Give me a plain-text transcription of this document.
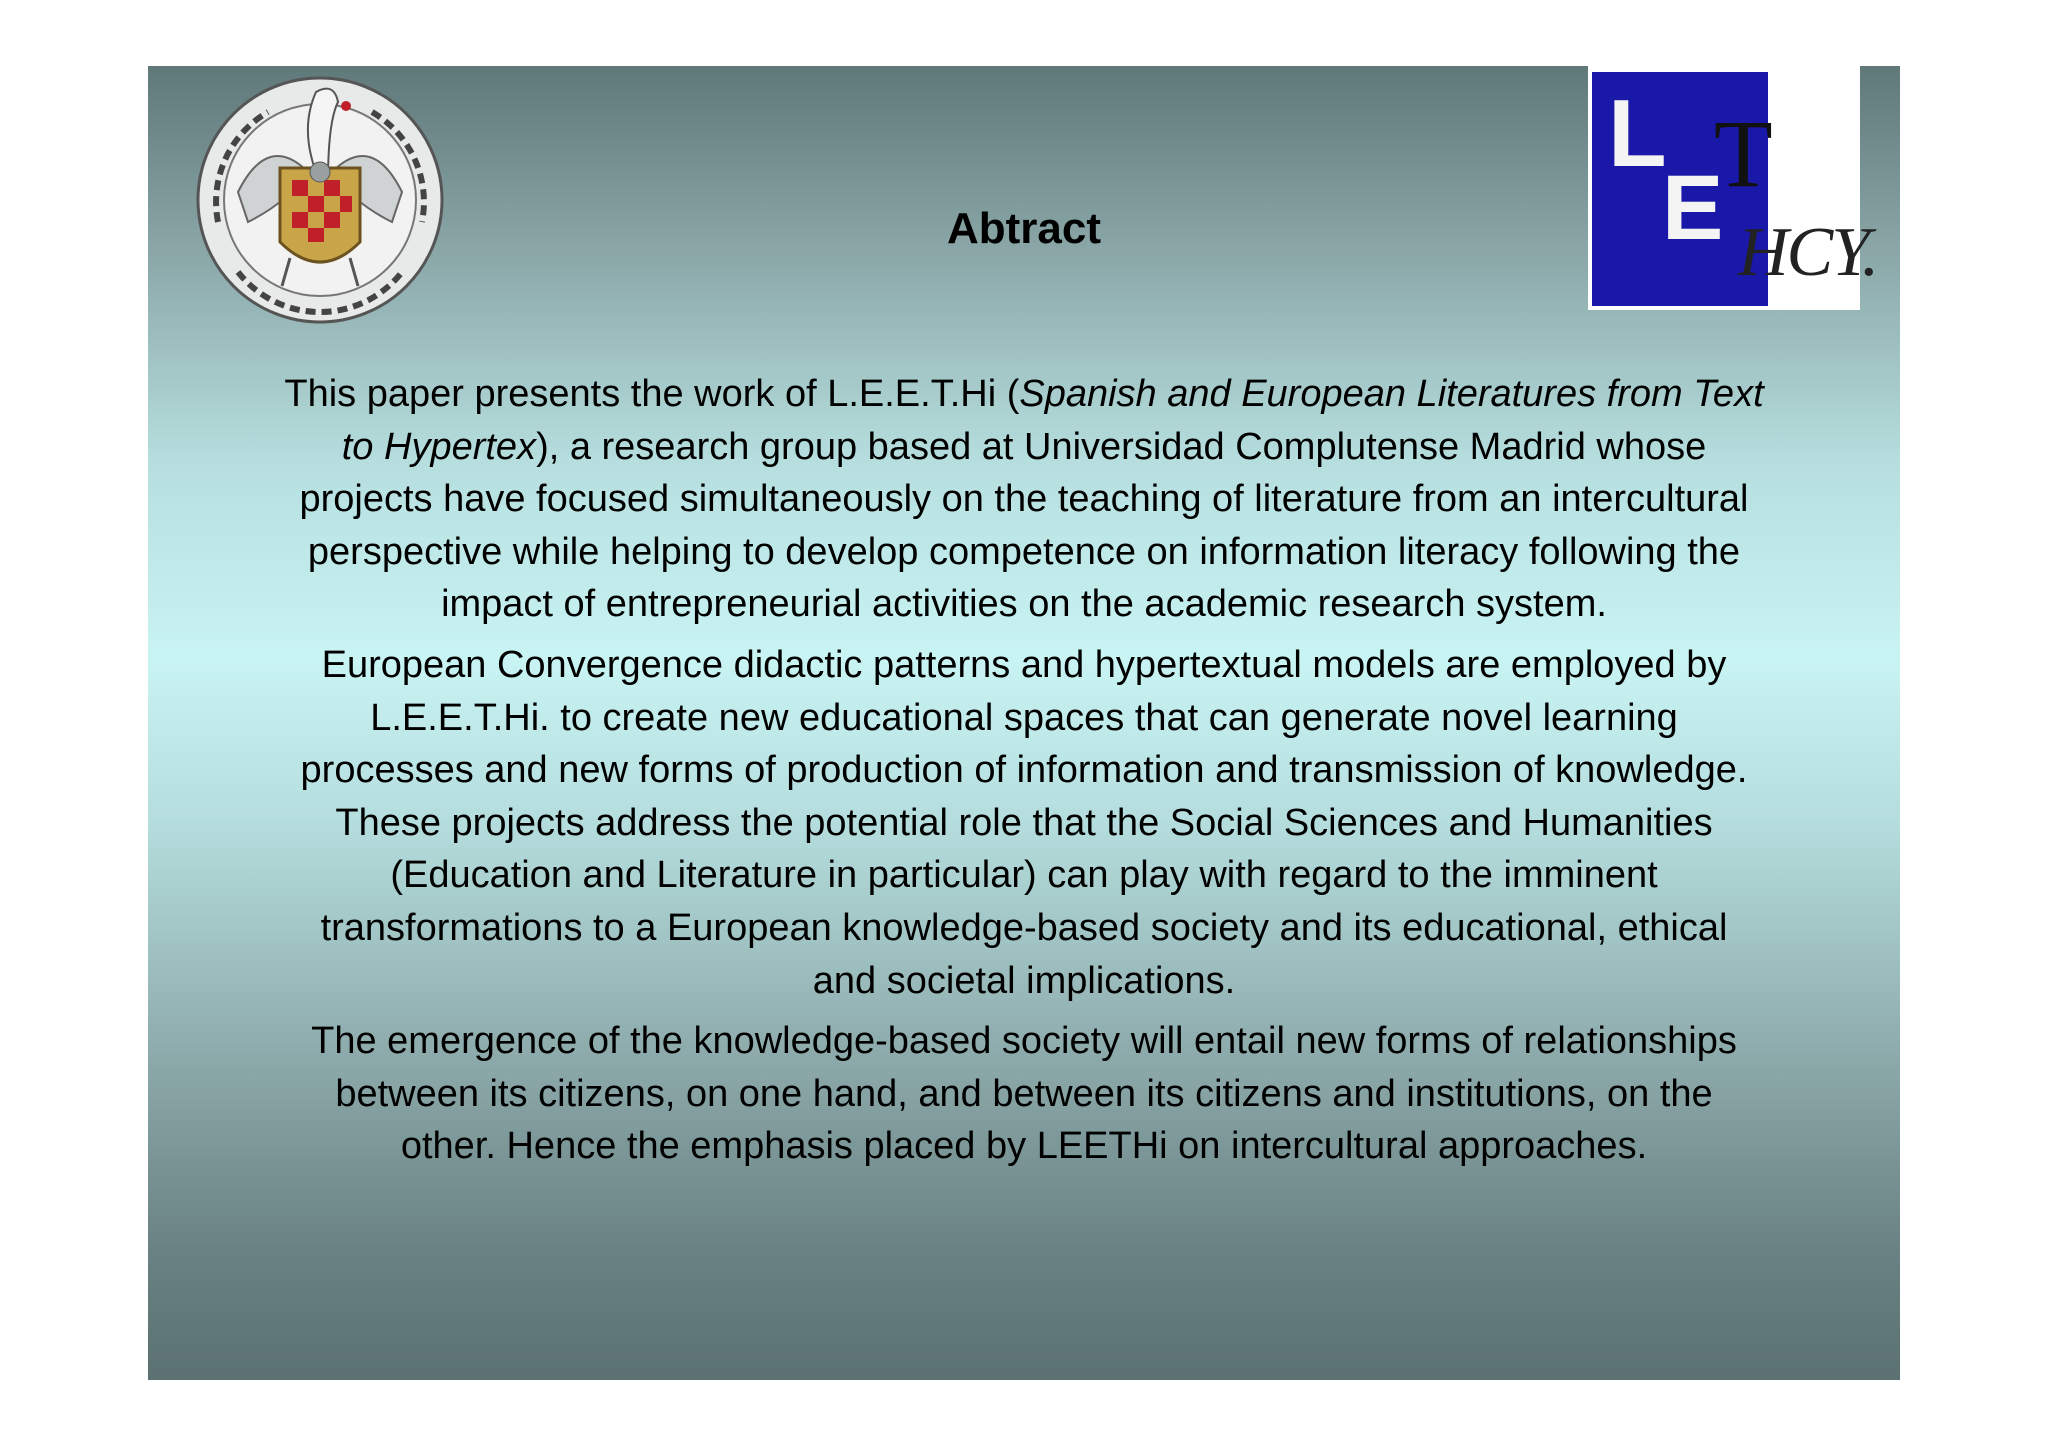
L
E
T
HCY.
Abtract
This paper presents the work of L.E.E.T.Hi (Spanish and European Literatures from Text
to Hypertex), a research group based at Universidad Complutense Madrid whose
projects have focused simultaneously on the teaching of literature from an intercultural
perspective while helping to develop competence on information literacy following the
impact of entrepreneurial activities on the academic research system.
European Convergence didactic patterns and hypertextual models are employed by
L.E.E.T.Hi. to create new educational spaces that can generate novel learning
processes and new forms of production of information and transmission of knowledge.
These projects address the potential role that the Social Sciences and Humanities
(Education and Literature in particular) can play with regard to the imminent
transformations to a European knowledge-based society and its educational, ethical
and societal implications.
The emergence of the knowledge-based society will entail new forms of relationships
between its citizens, on one hand, and between its citizens and institutions, on the
other. Hence the emphasis placed by LEETHi on intercultural approaches.
